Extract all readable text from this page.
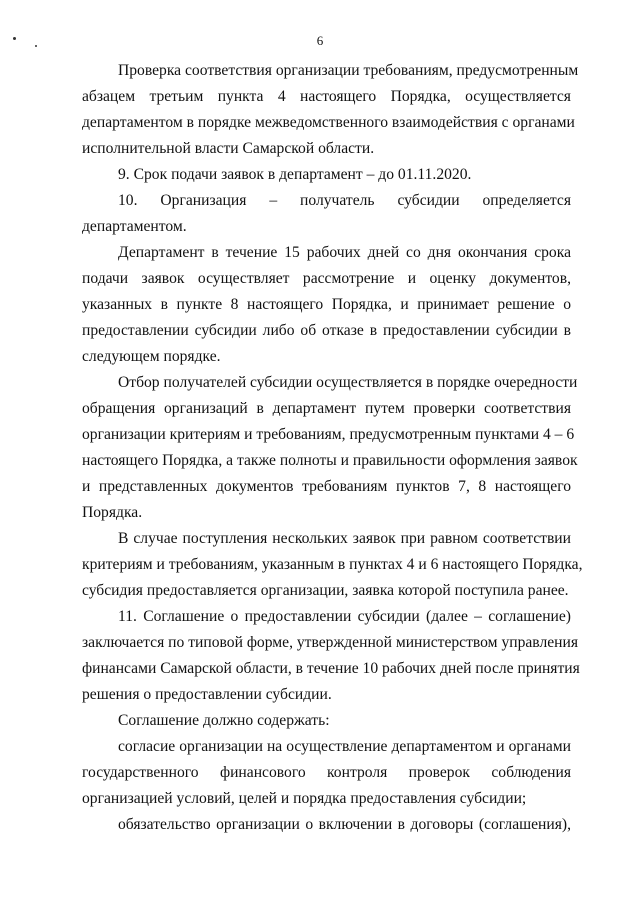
6
Проверка соответствия организации требованиям, предусмотренным
абзацем третьим пункта 4 настоящего Порядка, осуществляется
департаментом в порядке межведомственного взаимодействия с органами
исполнительной власти Самарской области.
9. Срок подачи заявок в департамент – до 01.11.2020.
10. Организация – получатель субсидии определяется
департаментом.
Департамент в течение 15 рабочих дней со дня окончания срока
подачи заявок осуществляет рассмотрение и оценку документов,
указанных в пункте 8 настоящего Порядка, и принимает решение о
предоставлении субсидии либо об отказе в предоставлении субсидии в
следующем порядке.
Отбор получателей субсидии осуществляется в порядке очередности
обращения организаций в департамент путем проверки соответствия
организации критериям и требованиям, предусмотренным пунктами 4 – 6
настоящего Порядка, а также полноты и правильности оформления заявок
и представленных документов требованиям пунктов 7, 8 настоящего
Порядка.
В случае поступления нескольких заявок при равном соответствии
критериям и требованиям, указанным в пунктах 4 и 6 настоящего Порядка,
субсидия предоставляется организации, заявка которой поступила ранее.
11. Соглашение о предоставлении субсидии (далее – соглашение)
заключается по типовой форме, утвержденной министерством управления
финансами Самарской области, в течение 10 рабочих дней после принятия
решения о предоставлении субсидии.
Соглашение должно содержать:
согласие организации на осуществление департаментом и органами
государственного финансового контроля проверок соблюдения
организацией условий, целей и порядка предоставления субсидии;
обязательство организации о включении в договоры (соглашения),
